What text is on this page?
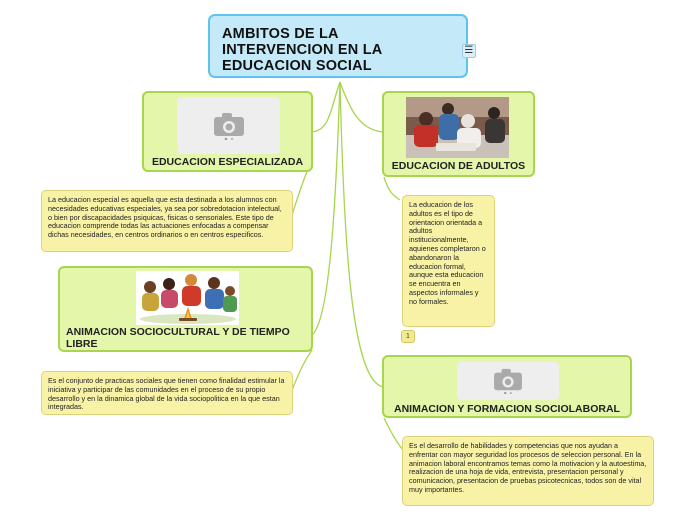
AMBITOS DE LA INTERVENCION EN LA EDUCACION SOCIAL
☰
EDUCACION ESPECIALIZADA
La educacion especial es aquella que esta destinada a los alumnos con necesidades educativas especiales, ya sea por sobredotacion intelectual, o bien por discapacidades psiquicas, fisicas o sensoriales. Este tipo de educacion comprende todas las actuaciones enfocadas a compensar dichas necesidades, en centros ordinarios o en centros especificos.
EDUCACION DE ADULTOS
La educacion de los adultos es el tipo de orientacion orientada a adultos institucionalmente, aquienes completaron o abandonaron la educacion formal, aunque esta educacion se encuentra en aspectos informales y no formales.
1
ANIMACION SOCIOCULTURAL Y DE TIEMPO LIBRE
Es el conjunto de practicas sociales que tienen como finalidad estimular la iniciativa y participar de las comunidades en el proceso de su propio desarrollo y en la dinamica global de la vida sociopolitica en la que estan integradas.	ANIMACION Y FORMACION SOCIOLABORAL
Es el desarrollo de habilidades y competencias que nos ayudan a enfrentar con mayor seguridad los procesos de seleccion personal. En la animacion laboral encontramos temas como la motivacion y la autoestima, realizacion de una hoja de vida, entrevista, presentacion personal y comunicacion, presentacion de pruebas psicotecnicas, todos son de vital muy importantes.
